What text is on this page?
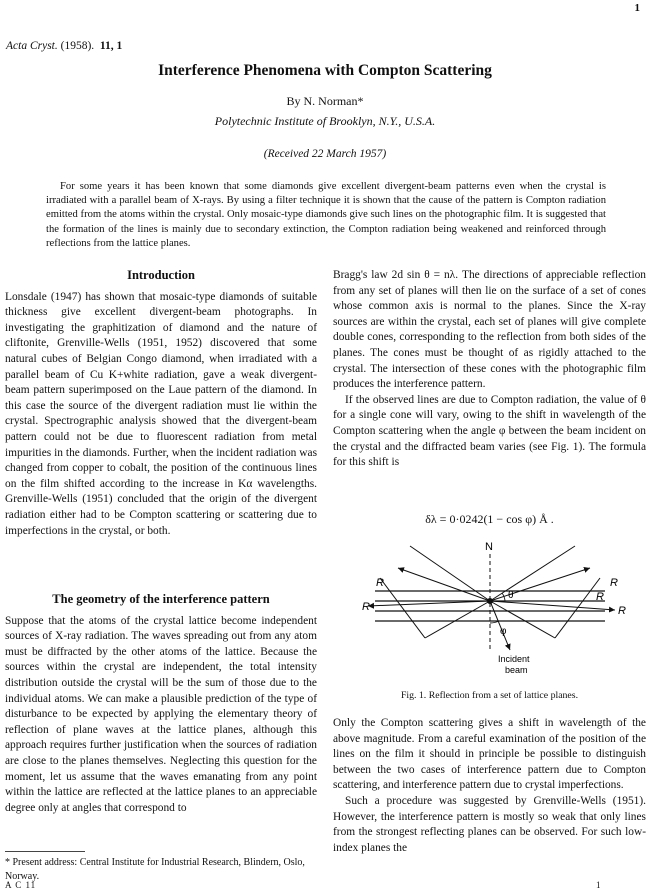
1
Acta Cryst. (1958). 11, 1
Interference Phenomena with Compton Scattering
By N. Norman*
Polytechnic Institute of Brooklyn, N.Y., U.S.A.
(Received 22 March 1957)
For some years it has been known that some diamonds give excellent divergent-beam patterns even when the crystal is irradiated with a parallel beam of X-rays. By using a filter technique it is shown that the cause of the pattern is Compton radiation emitted from the atoms within the crystal. Only mosaic-type diamonds give such lines on the photographic film. It is suggested that the formation of the lines is mainly due to secondary extinction, the Compton radiation being weakened and reinforced through reflections from the lattice planes.
Introduction
Lonsdale (1947) has shown that mosaic-type diamonds of suitable thickness give excellent divergent-beam photographs. In investigating the graphitization of diamond and the nature of cliftonite, Grenville-Wells (1951, 1952) discovered that some natural cubes of Belgian Congo diamond, when irradiated with a parallel beam of Cu K+white radiation, gave a weak divergent-beam pattern superimposed on the Laue pattern of the diamond. In this case the source of the divergent radiation must lie within the crystal. Spectrographic analysis showed that the divergent-beam pattern could not be due to fluorescent radiation from metal impurities in the diamonds. Further, when the incident radiation was changed from copper to cobalt, the position of the continuous lines on the film shifted according to the increase in Kα wavelengths. Grenville-Wells (1951) concluded that the origin of the divergent radiation either had to be Compton scattering or scattering due to imperfections in the crystal, or both.
The geometry of the interference pattern
Suppose that the atoms of the crystal lattice become independent sources of X-ray radiation. The waves spreading out from any atom must be diffracted by the other atoms of the lattice. Because the sources within the crystal are independent, the total intensity distribution outside the crystal will be the sum of those due to the individual atoms. We can make a plausible prediction of the type of disturbance to be expected by applying the elementary theory of reflection of plane waves at the lattice planes, although this approach requires further justification when the sources of radiation are close to the planes themselves. Neglecting this question for the moment, let us assume that the waves emanating from any point within the lattice are reflected at the lattice planes to an appreciable degree only at angles that correspond to
Bragg's law 2d sin θ = nλ. The directions of appreciable reflection from any set of planes will then lie on the surface of a set of cones whose common axis is normal to the planes. Since the X-ray sources are within the crystal, each set of planes will give complete double cones, corresponding to the reflection from both sides of the planes. The cones must be thought of as rigidly attached to the crystal. The intersection of these cones with the photographic film produces the interference pattern.
If the observed lines are due to Compton radiation, the value of θ for a single cone will vary, owing to the shift in wavelength of the Compton scattering when the angle φ between the beam incident on the crystal and the diffracted beam varies (see Fig. 1). The formula for this shift is
δλ = 0·0242(1 − cos φ) Å .
N
R
R
R
R
R
θ
φ
Incident
beam
Fig. 1. Reflection from a set of lattice planes.
Only the Compton scattering gives a shift in wavelength of the above magnitude. From a careful examination of the position of the lines on the film it should in principle be possible to distinguish between the two cases of interference pattern due to Compton scattering, and interference pattern due to crystal imperfections.
Such a procedure was suggested by Grenville-Wells (1951). However, the interference pattern is mostly so weak that only lines from the strongest reflecting planes can be observed. For such low-index planes the
* Present address: Central Institute for Industrial Research, Blindern, Oslo, Norway.
A C 11	1
